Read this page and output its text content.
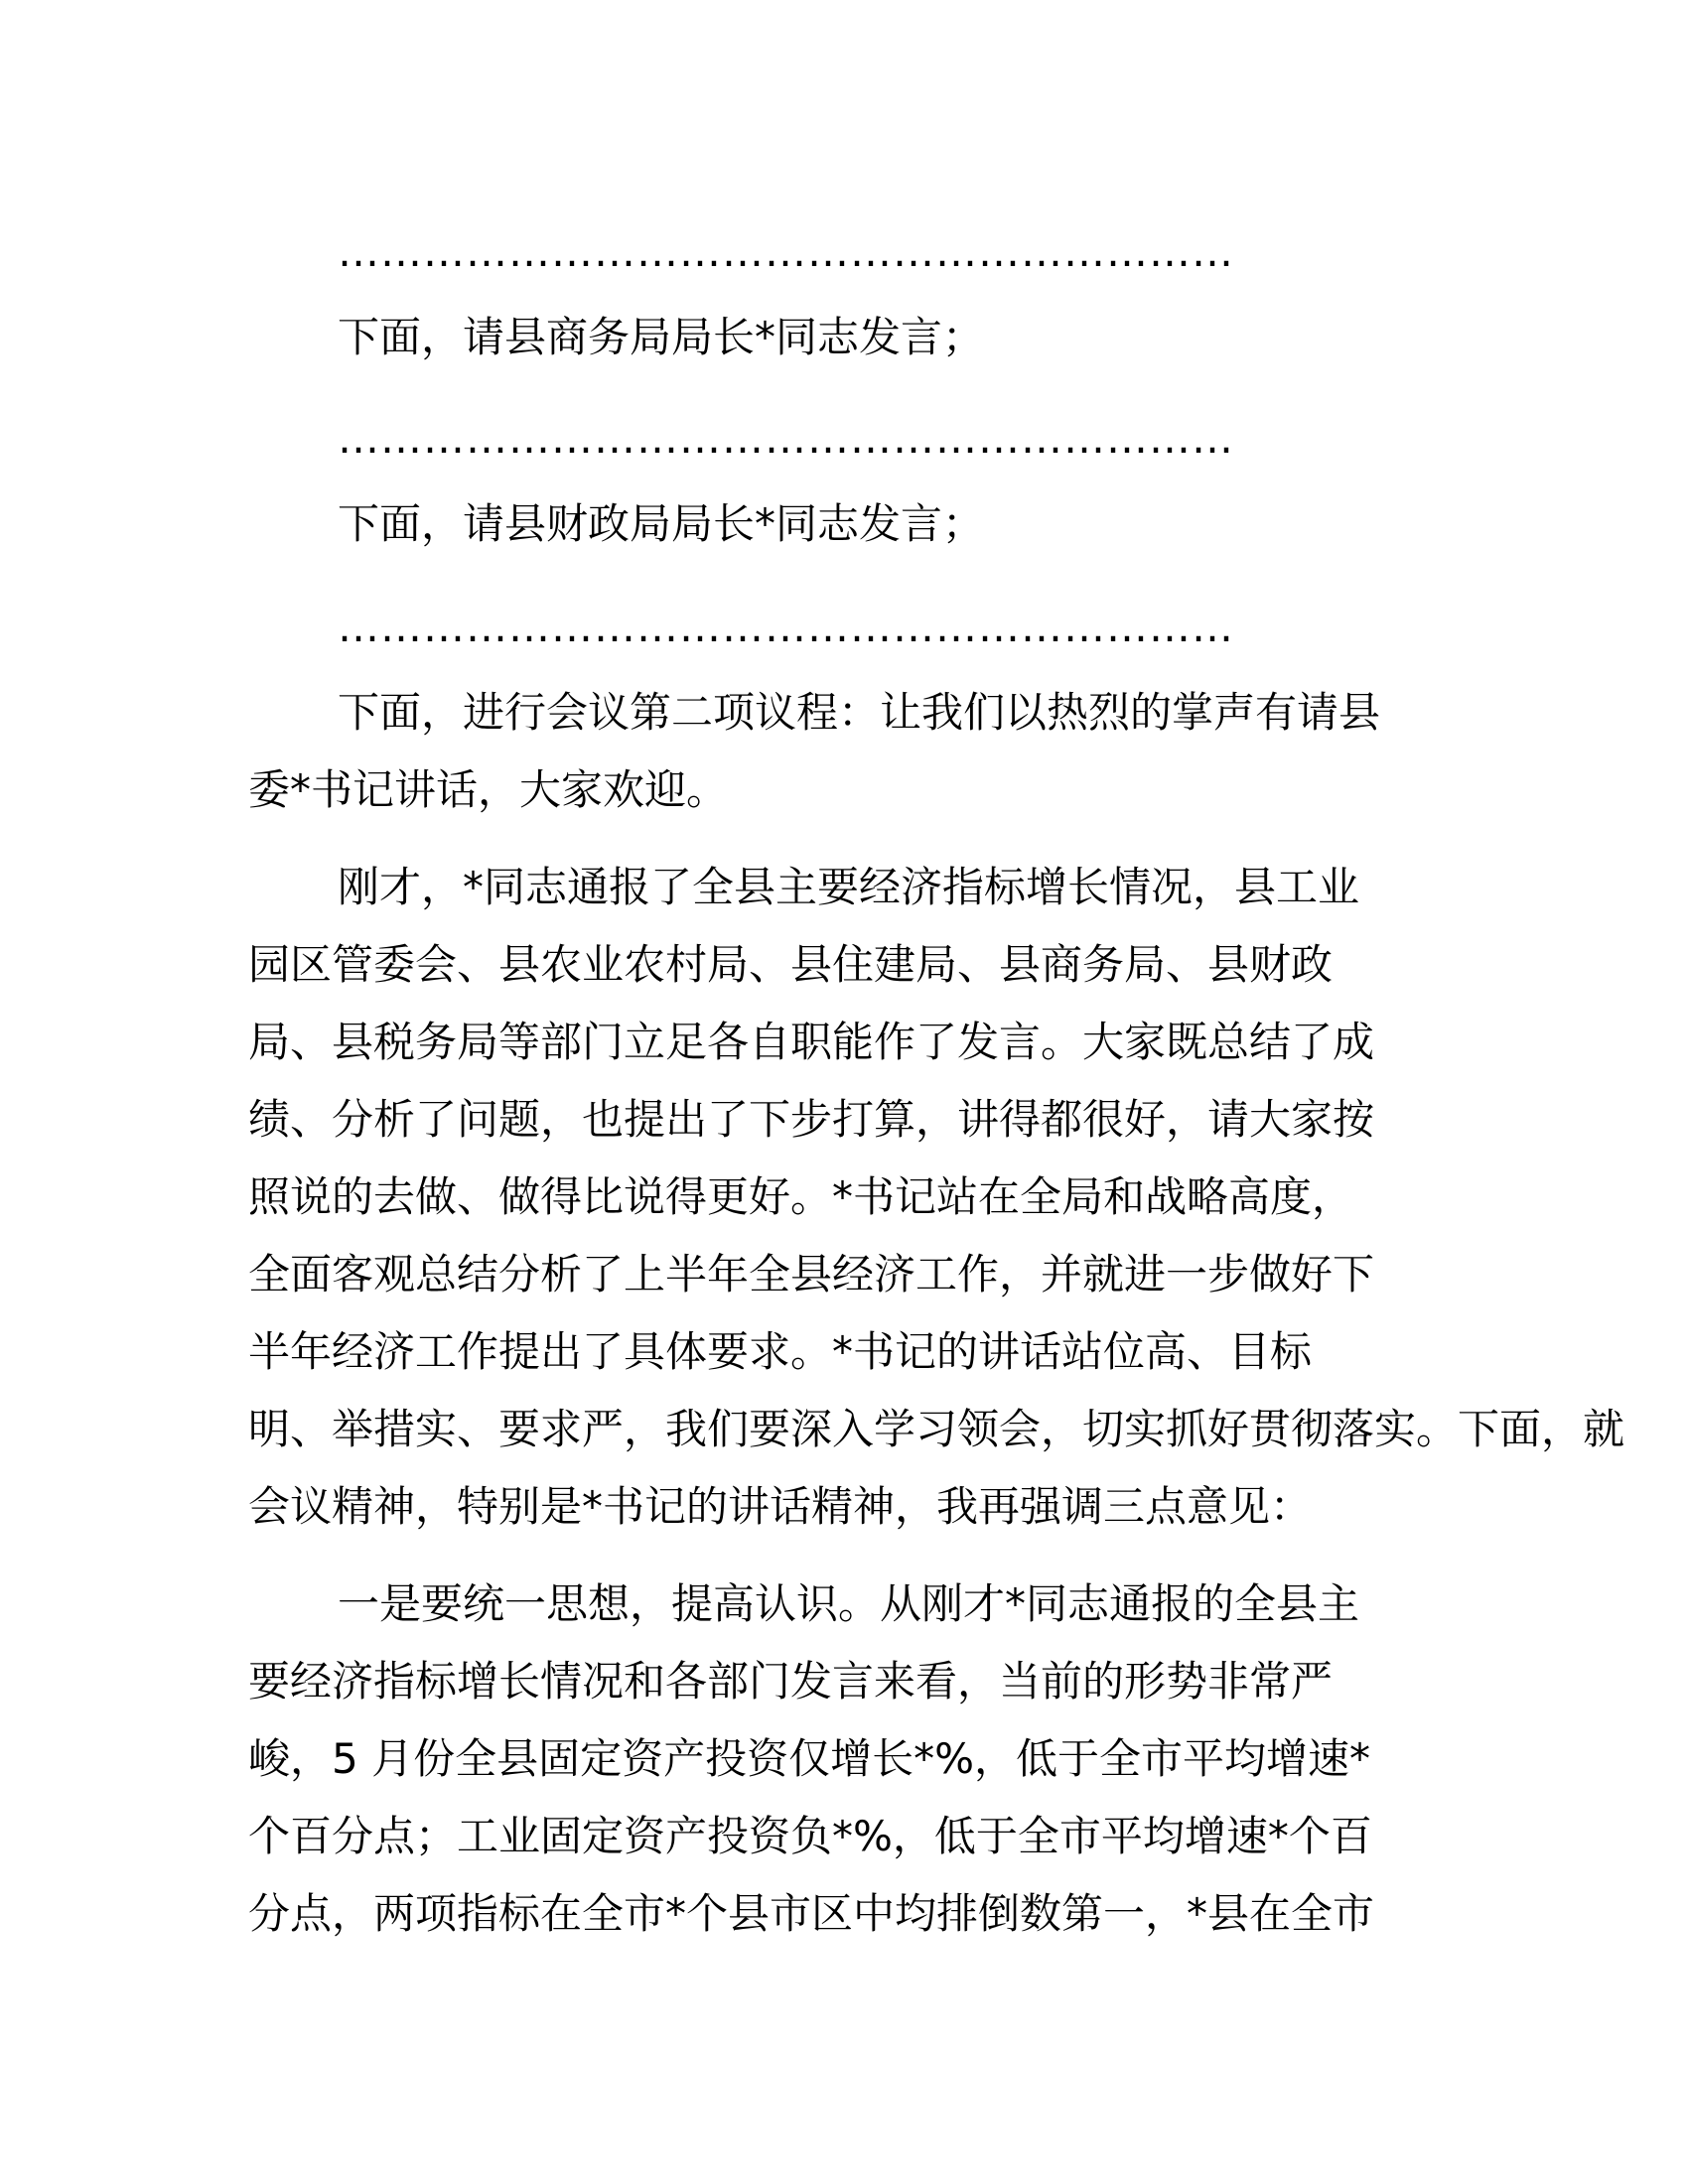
………………………………………………………

下面，请县商务局局长*同志发言；

………………………………………………………

下面，请县财政局局长*同志发言；

………………………………………………………

下面，进行会议第二项议程：让我们以热烈的掌声有请县

委*书记讲话，大家欢迎。

刚才，*同志通报了全县主要经济指标增长情况，县工业

园区管委会、县农业农村局、县住建局、县商务局、县财政

局、县税务局等部门立足各自职能作了发言。大家既总结了成

绩、分析了问题，也提出了下步打算，讲得都很好，请大家按

照说的去做、做得比说得更好。*书记站在全局和战略高度，

全面客观总结分析了上半年全县经济工作，并就进一步做好下

半年经济工作提出了具体要求。*书记的讲话站位高、目标

明、举措实、要求严，我们要深入学习领会，切实抓好贯彻落实。下面，就

会议精神，特别是*书记的讲话精神，我再强调三点意见：

一是要统一思想，提高认识。从刚才*同志通报的全县主

要经济指标增长情况和各部门发言来看，当前的形势非常严

峻，5 月份全县固定资产投资仅增长*%，低于全市平均增速*

个百分点；工业固定资产投资负*%，低于全市平均增速*个百

分点，两项指标在全市*个县市区中均排倒数第一，*县在全市
